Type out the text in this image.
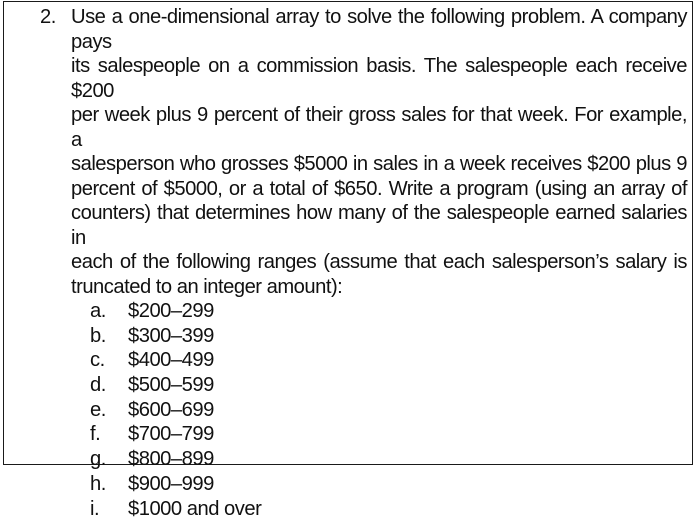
2. Use a one-dimensional array to solve the following problem. A company pays
its salespeople on a commission basis. The salespeople each receive $200
per week plus 9 percent of their gross sales for that week. For example, a
salesperson who grosses $5000 in sales in a week receives $200 plus 9
percent of $5000, or a total of $650. Write a program (using an array of
counters) that determines how many of the salespeople earned salaries in
each of the following ranges (assume that each salesperson’s salary is
truncated to an integer amount):

a.	$200–299
b.	$300–399
c.	$400–499
d.	$500–599
e.	$600–699
f.	$700–799
g.	$800–899
h.	$900–999
i.	$1000 and over
